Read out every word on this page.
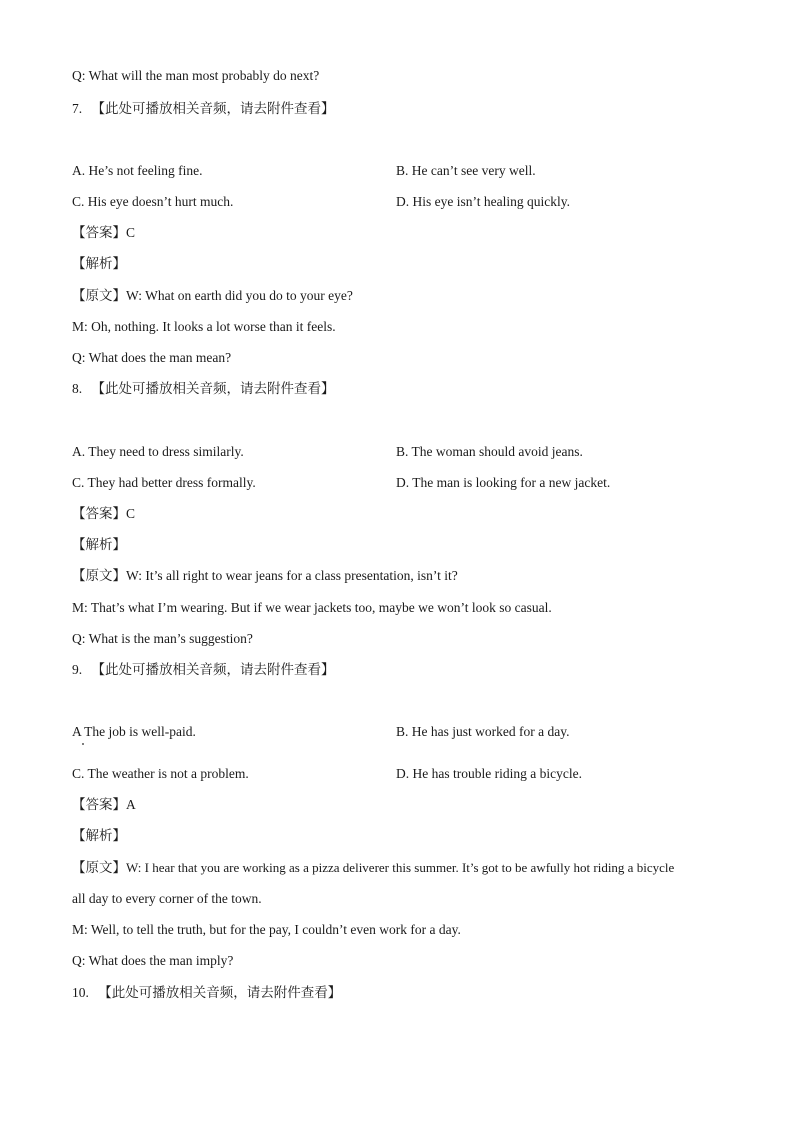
Q: What will the man most probably do next?
7. 【此处可播放相关音频，请去附件查看】
A. He’s not feeling fine.	B. He can’t see very well.
C. His eye doesn’t hurt much.	D. His eye isn’t healing quickly.
【答案】C
【解析】
【原文】W: What on earth did you do to your eye?
M: Oh, nothing. It looks a lot worse than it feels.
Q: What does the man mean?
8. 【此处可播放相关音频，请去附件查看】
A. They need to dress similarly.	B. The woman should avoid jeans.
C. They had better dress formally.	D. The man is looking for a new jacket.
【答案】C
【解析】
【原文】W: It’s all right to wear jeans for a class presentation, isn’t it?
M: That’s what I’m wearing. But if we wear jackets too, maybe we won’t look so casual.
Q: What is the man’s suggestion?
9. 【此处可播放相关音频，请去附件查看】
A The job is well-paid.	B. He has just worked for a day.
C. The weather is not a problem.	D. He has trouble riding a bicycle.
【答案】A
【解析】
【原文】W: I hear that you are working as a pizza deliverer this summer. It’s got to be awfully hot riding a bicycle
all day to every corner of the town.
M: Well, to tell the truth, but for the pay, I couldn’t even work for a day.
Q: What does the man imply?
10. 【此处可播放相关音频，请去附件查看】
